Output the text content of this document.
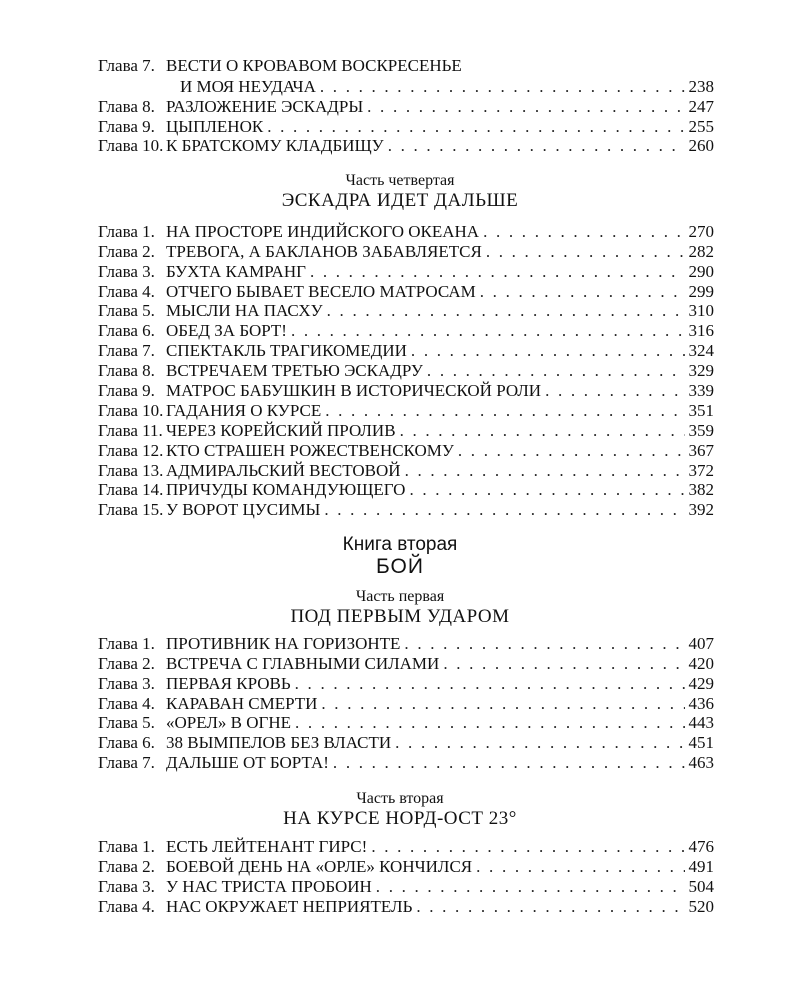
Глава 7. ВЕСТИ О КРОВАВОМ ВОСКРЕСЕНЬЕ
И МОЯ НЕУДАЧА . . .	238
Глава 8. РАЗЛОЖЕНИЕ ЭСКАДРЫ . . .	247
Глава 9. ЦЫПЛЕНОК . . .	255
Глава 10. К БРАТСКОМУ КЛАДБИЩУ . . .	260
Часть четвертая
ЭСКАДРА ИДЕТ ДАЛЬШЕ
Глава 1. НА ПРОСТОРЕ ИНДИЙСКОГО ОКЕАНА . . .	270
Глава 2. ТРЕВОГА, А БАКЛАНОВ ЗАБАВЛЯЕТСЯ . . .	282
Глава 3. БУХТА КАМРАНГ . . .	290
Глава 4. ОТЧЕГО БЫВАЕТ ВЕСЕЛО МАТРОСАМ . . .	299
Глава 5. МЫСЛИ НА ПАСХУ . . .	310
Глава 6. ОБЕД ЗА БОРТ! . . .	316
Глава 7. СПЕКТАКЛЬ ТРАГИКОМЕДИИ . . .	324
Глава 8. ВСТРЕЧАЕМ ТРЕТЬЮ ЭСКАДРУ . . .	329
Глава 9. МАТРОС БАБУШКИН В ИСТОРИЧЕСКОЙ РОЛИ . . .	339
Глава 10. ГАДАНИЯ О КУРСЕ . . .	351
Глава 11. ЧЕРЕЗ КОРЕЙСКИЙ ПРОЛИВ . . .	359
Глава 12. КТО СТРАШЕН РОЖЕСТВЕНСКОМУ . . .	367
Глава 13. АДМИРАЛЬСКИЙ ВЕСТОВОЙ . . .	372
Глава 14. ПРИЧУДЫ КОМАНДУЮЩЕГО . . .	382
Глава 15. У ВОРОТ ЦУСИМЫ . . .	392
Книга вторая
БОЙ
Часть первая
ПОД ПЕРВЫМ УДАРОМ
Глава 1. ПРОТИВНИК НА ГОРИЗОНТЕ . . .	407
Глава 2. ВСТРЕЧА С ГЛАВНЫМИ СИЛАМИ . . .	420
Глава 3. ПЕРВАЯ КРОВЬ . . .	429
Глава 4. КАРАВАН СМЕРТИ . . .	436
Глава 5. «ОРЕЛ» В ОГНЕ . . .	443
Глава 6. 38 ВЫМПЕЛОВ БЕЗ ВЛАСТИ . . .	451
Глава 7. ДАЛЬШЕ ОТ БОРТА! . . .	463
Часть вторая
НА КУРСЕ НОРД-ОСТ 23°
Глава 1. ЕСТЬ ЛЕЙТЕНАНТ ГИРС! . . .	476
Глава 2. БОЕВОЙ ДЕНЬ НА «ОРЛЕ» КОНЧИЛСЯ . . .	491
Глава 3. У НАС ТРИСТА ПРОБОИН . . .	504
Глава 4. НАС ОКРУЖАЕТ НЕПРИЯТЕЛЬ . . .	520
